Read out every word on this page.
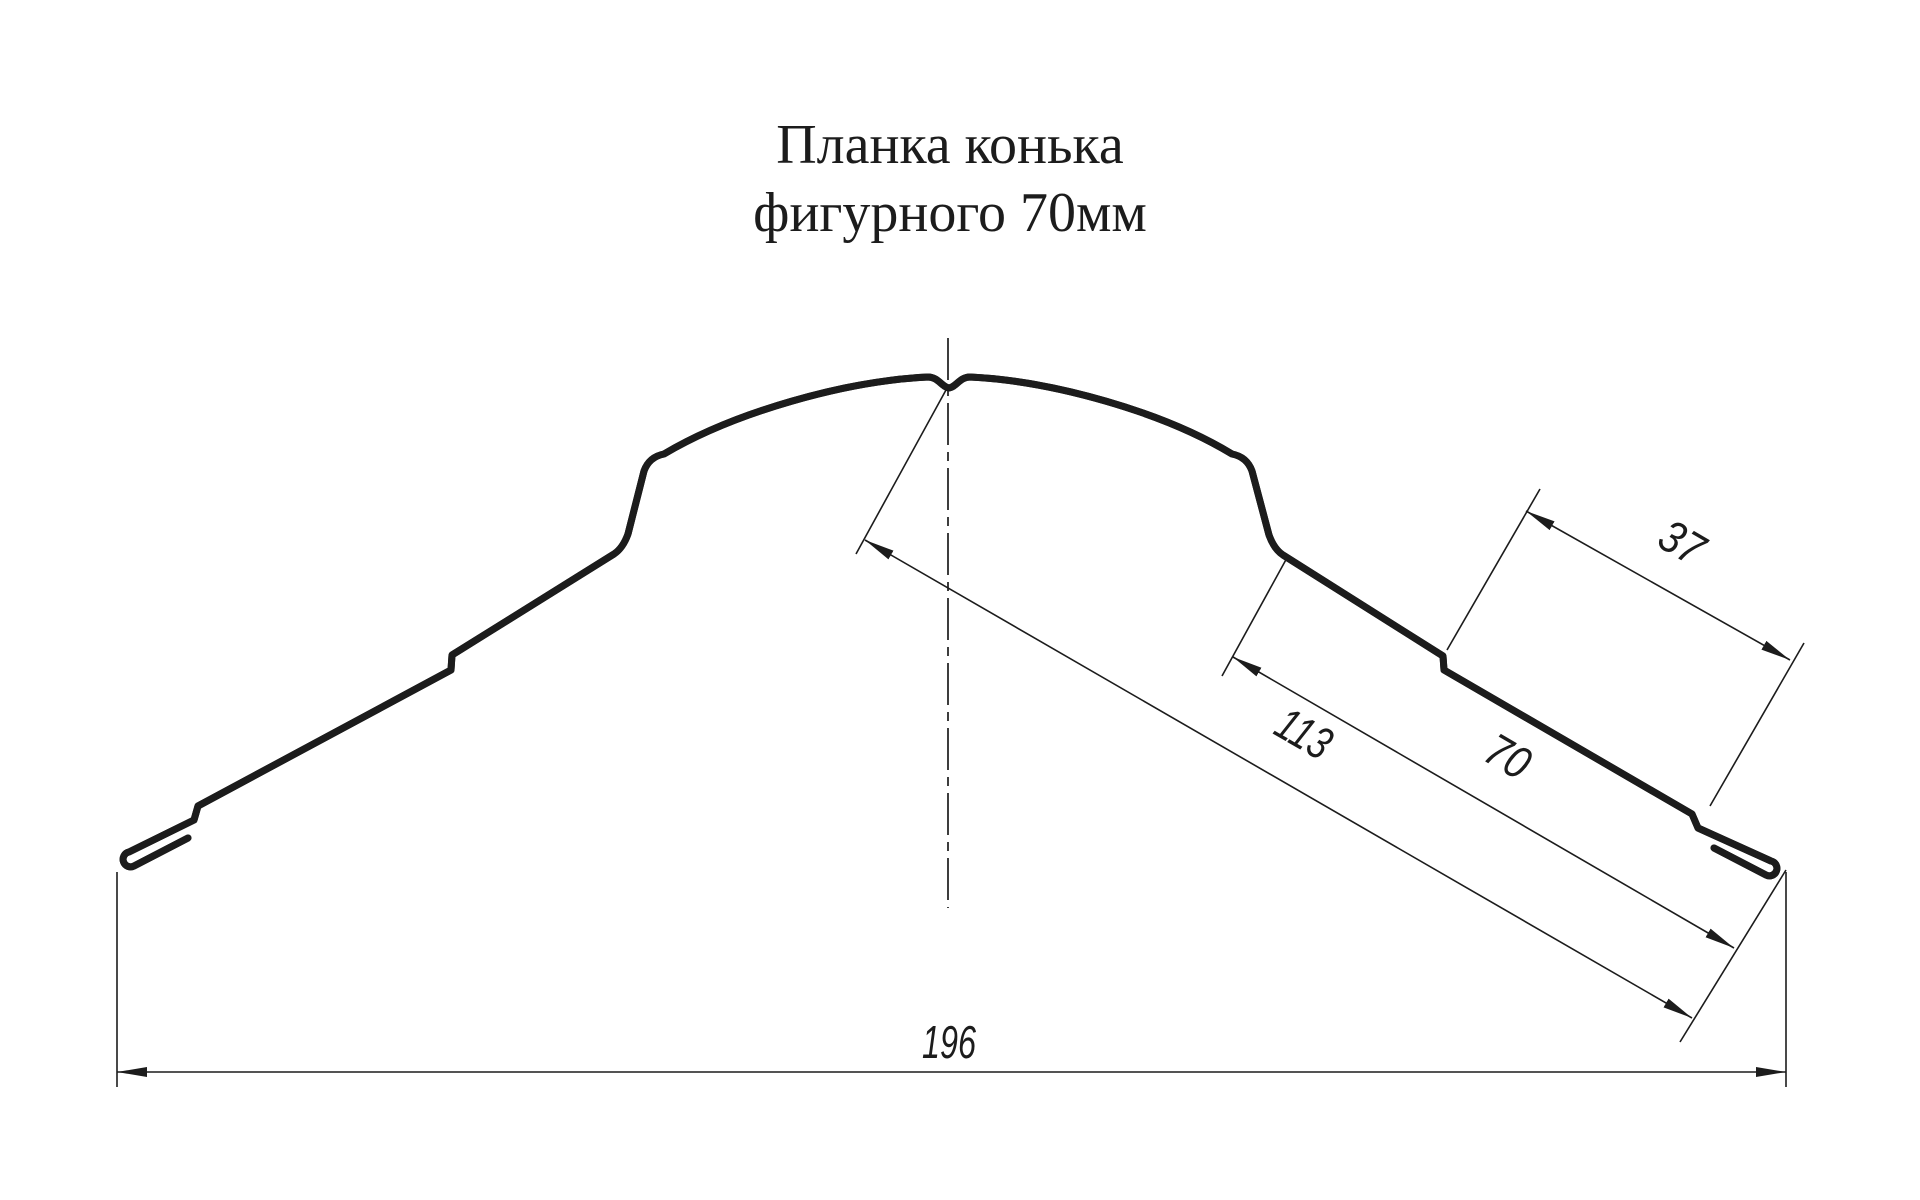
113	70
37
196
Планка конька
фигурного 70мм
